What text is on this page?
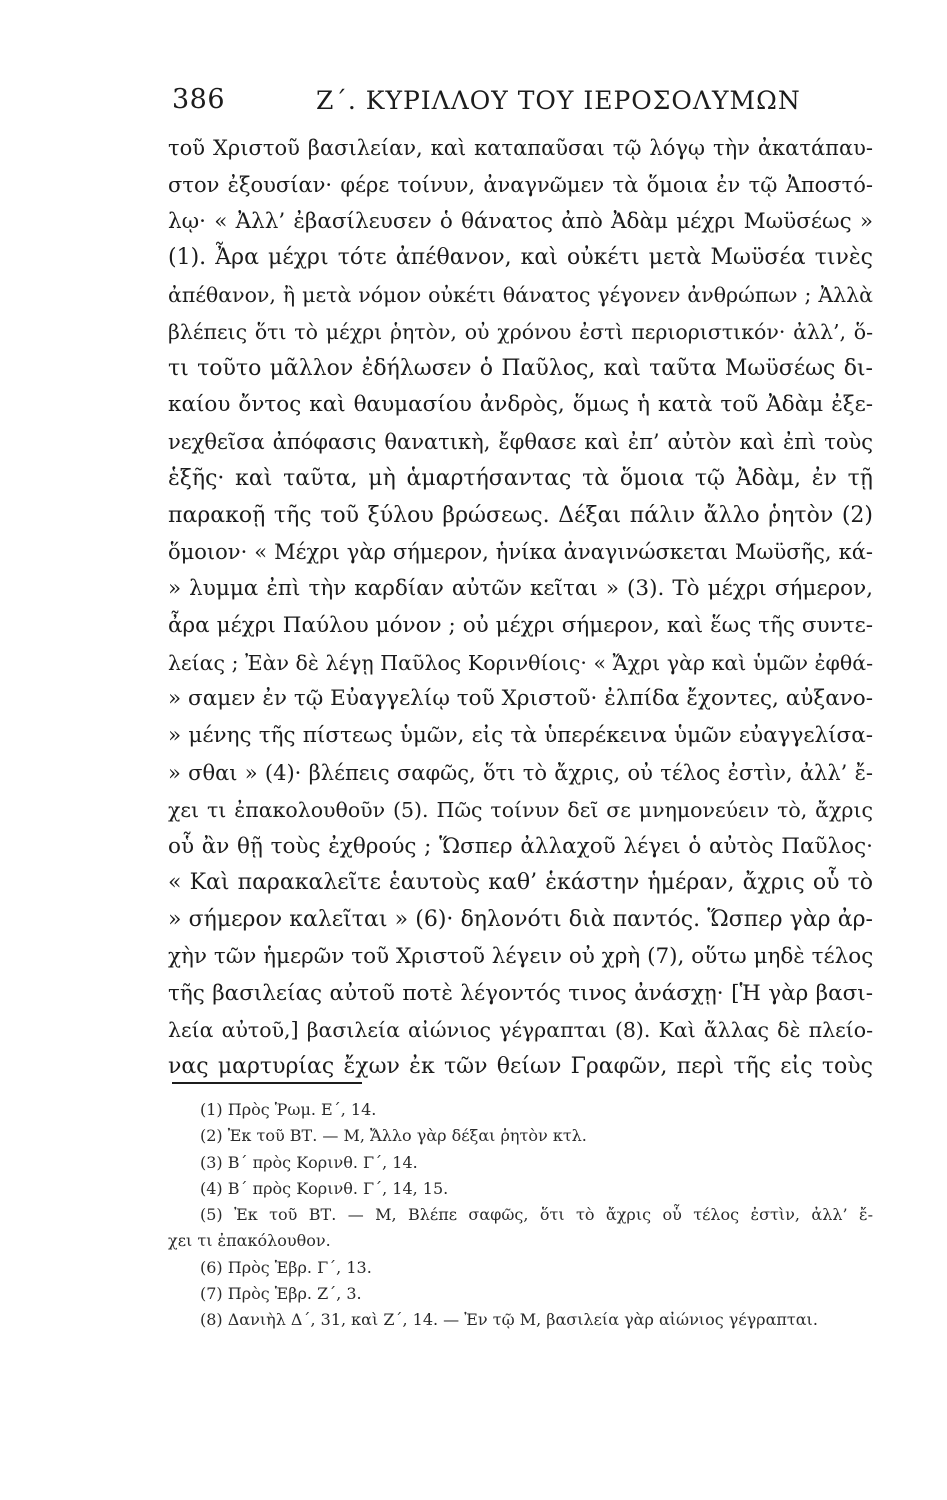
386	Ζ΄. ΚΥΡΙΛΛΟΥ ΤΟΥ ΙΕΡΟΣΟΛΥΜΩΝ
τοῦ Χριστοῦ βασιλείαν, καὶ καταπαῦσαι τῷ λόγῳ τὴν ἀκατάπαυ-
στον ἐξουσίαν· φέρε τοίνυν, ἀναγνῶμεν τὰ ὅμοια ἐν τῷ Ἀποστό-
λῳ· « Ἀλλ’ ἐβασίλευσεν ὁ θάνατος ἀπὸ Ἀδὰμ μέχρι Μωϋσέως »
(1). Ἆρα μέχρι τότε ἀπέθανον, καὶ οὐκέτι μετὰ Μωϋσέα τινὲς
ἀπέθανον, ἢ μετὰ νόμον οὐκέτι θάνατος γέγονεν ἀνθρώπων ; Ἀλλὰ
βλέπεις ὅτι τὸ μέχρι ῥητὸν, οὐ χρόνου ἐστὶ περιοριστικόν· ἀλλ’, ὅ-
τι τοῦτο μᾶλλον ἐδήλωσεν ὁ Παῦλος, καὶ ταῦτα Μωϋσέως δι-
καίου ὄντος καὶ θαυμασίου ἀνδρὸς, ὅμως ἡ κατὰ τοῦ Ἀδὰμ ἐξε-
νεχθεῖσα ἀπόφασις θανατικὴ, ἔφθασε καὶ ἐπ’ αὐτὸν καὶ ἐπὶ τοὺς
ἑξῆς· καὶ ταῦτα, μὴ ἁμαρτήσαντας τὰ ὅμοια τῷ Ἀδὰμ, ἐν τῇ
παρακοῇ τῆς τοῦ ξύλου βρώσεως. Δέξαι πάλιν ἄλλο ῥητὸν (2)
ὅμοιον· « Μέχρι γὰρ σήμερον, ἡνίκα ἀναγινώσκεται Μωϋσῆς, κά-
» λυμμα ἐπὶ τὴν καρδίαν αὐτῶν κεῖται » (3). Τὸ μέχρι σήμερον,
ἆρα μέχρι Παύλου μόνον ; οὐ μέχρι σήμερον, καὶ ἕως τῆς συντε-
λείας ; Ἐὰν δὲ λέγῃ Παῦλος Κορινθίοις· « Ἄχρι γὰρ καὶ ὑμῶν ἐφθά-
» σαμεν ἐν τῷ Εὐαγγελίῳ τοῦ Χριστοῦ· ἐλπίδα ἔχοντες, αὐξανο-
» μένης τῆς πίστεως ὑμῶν, εἰς τὰ ὑπερέκεινα ὑμῶν εὐαγγελίσα-
» σθαι » (4)· βλέπεις σαφῶς, ὅτι τὸ ἄχρις, οὐ τέλος ἐστὶν, ἀλλ’ ἔ-
χει τι ἐπακολουθοῦν (5). Πῶς τοίνυν δεῖ σε μνημονεύειν τὸ, ἄχρις
οὗ ἂν θῇ τοὺς ἐχθρούς ; Ὥσπερ ἀλλαχοῦ λέγει ὁ αὐτὸς Παῦλος·
« Καὶ παρακαλεῖτε ἑαυτοὺς καθ’ ἑκάστην ἡμέραν, ἄχρις οὗ τὸ
» σήμερον καλεῖται » (6)· δηλονότι διὰ παντός. Ὥσπερ γὰρ ἀρ-
χὴν τῶν ἡμερῶν τοῦ Χριστοῦ λέγειν οὐ χρὴ (7), οὕτω μηδὲ τέλος
τῆς βασιλείας αὐτοῦ ποτὲ λέγοντός τινος ἀνάσχῃ· [Ἡ γὰρ βασι-
λεία αὐτοῦ,] βασιλεία αἰώνιος γέγραπται (8). Καὶ ἄλλας δὲ πλείο-
νας μαρτυρίας ἔχων ἐκ τῶν θείων Γραφῶν, περὶ τῆς εἰς τοὺς
(1) Πρὸς Ῥωμ. Ε΄, 14.
(2) Ἐκ τοῦ ΒΤ. — Μ, Ἄλλο γὰρ δέξαι ῥητὸν κτλ.
(3) Β΄ πρὸς Κορινθ. Γ΄, 14.
(4) Β΄ πρὸς Κορινθ. Γ΄, 14, 15.
(5) Ἐκ τοῦ ΒΤ. — Μ, Βλέπε σαφῶς, ὅτι τὸ ἄχρις οὗ τέλος ἐστὶν, ἀλλ’ ἔ-
χει τι ἐπακόλουθον.
(6) Πρὸς Ἑβρ. Γ΄, 13.
(7) Πρὸς Ἑβρ. Ζ΄, 3.
(8) Δανιὴλ Δ΄, 31, καὶ Ζ΄, 14. — Ἐν τῷ Μ, βασιλεία γὰρ αἰώνιος γέγραπται.
